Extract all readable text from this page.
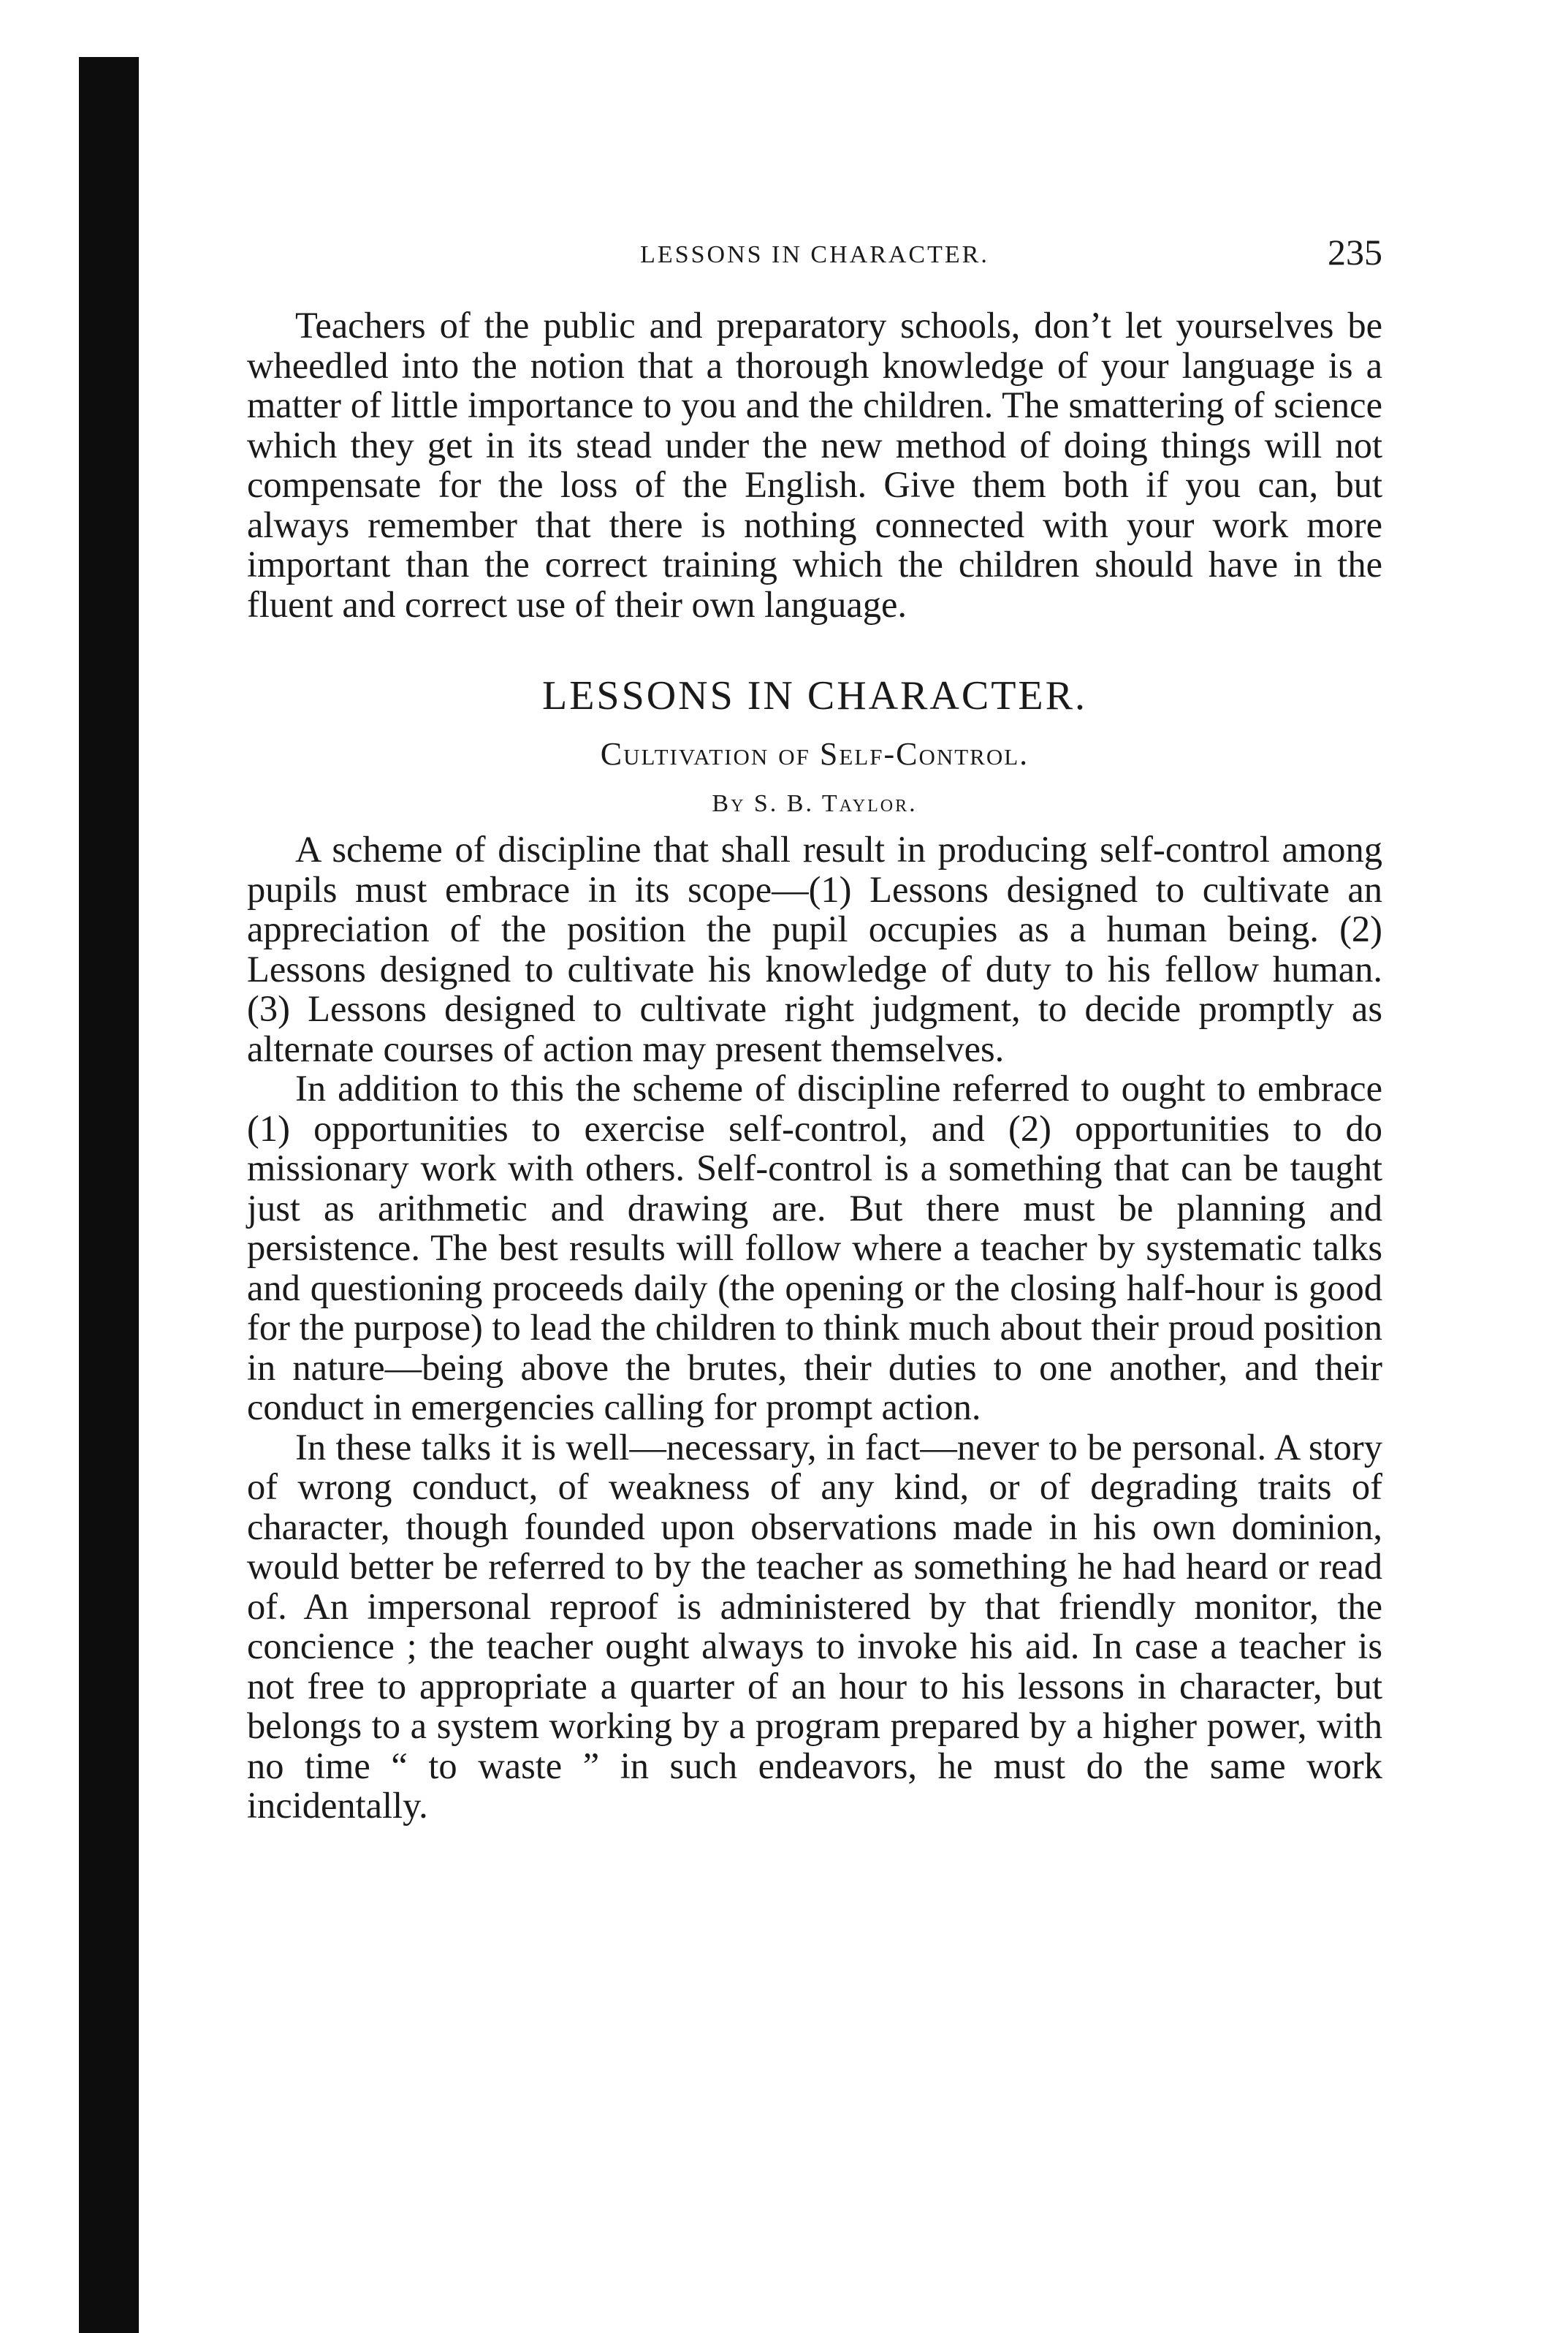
LESSONS IN CHARACTER.	235

Teachers of the public and preparatory schools, don’t let yourselves be wheedled into the notion that a thorough knowledge of your language is a matter of little importance to you and the children. The smattering of science which they get in its stead under the new method of doing things will not compensate for the loss of the English. Give them both if you can, but always remember that there is nothing connected with your work more important than the correct training which the children should have in the fluent and correct use of their own language.

LESSONS IN CHARACTER.
Cultivation of Self-Control.
By S. B. Taylor.

A scheme of discipline that shall result in producing self-control among pupils must embrace in its scope—(1) Lessons designed to cultivate an appreciation of the position the pupil occupies as a human being. (2) Lessons designed to cultivate his knowledge of duty to his fellow human. (3) Lessons designed to cultivate right judgment, to decide promptly as alternate courses of action may present themselves.

In addition to this the scheme of discipline referred to ought to embrace (1) opportunities to exercise self-control, and (2) opportunities to do missionary work with others. Self-control is a something that can be taught just as arithmetic and drawing are. But there must be planning and persistence. The best results will follow where a teacher by systematic talks and questioning proceeds daily (the opening or the closing half-hour is good for the purpose) to lead the children to think much about their proud position in nature—being above the brutes, their duties to one another, and their conduct in emergencies calling for prompt action.

In these talks it is well—necessary, in fact—never to be personal. A story of wrong conduct, of weakness of any kind, or of degrading traits of character, though founded upon observations made in his own dominion, would better be referred to by the teacher as something he had heard or read of. An impersonal reproof is administered by that friendly monitor, the concience ; the teacher ought always to invoke his aid. In case a teacher is not free to appropriate a quarter of an hour to his lessons in character, but belongs to a system working by a program prepared by a higher power, with no time “ to waste ” in such endeavors, he must do the same work incidentally.
